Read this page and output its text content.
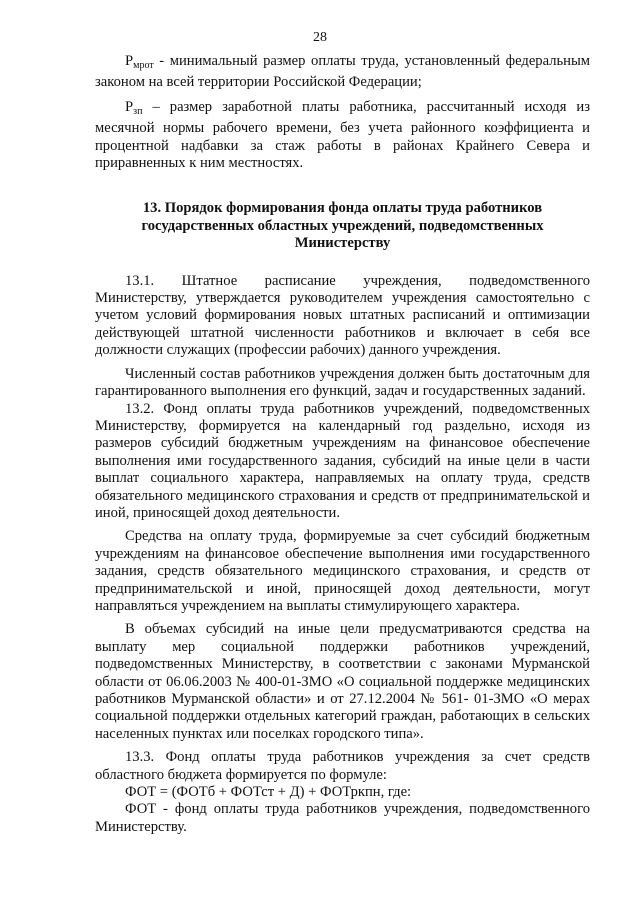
28

$Р_{мрот}$ - минимальный размер оплаты труда, установленный федеральным законом на всей территории Российской Федерации;

$Р_{зп}$ – размер заработной платы работника, рассчитанный исходя из месячной нормы рабочего времени, без учета районного коэффициента и процентной надбавки за стаж работы в районах Крайнего Севера и приравненных к ним местностях.

13. Порядок формирования фонда оплаты труда работников государственных областных учреждений, подведомственных Министерству

13.1. Штатное расписание учреждения, подведомственного Министерству, утверждается руководителем учреждения самостоятельно с учетом условий формирования новых штатных расписаний и оптимизации действующей штатной численности работников и включает в себя все должности служащих (профессии рабочих) данного учреждения.

Численный состав работников учреждения должен быть достаточным для гарантированного выполнения его функций, задач и государственных заданий.

13.2. Фонд оплаты труда работников учреждений, подведомственных Министерству, формируется на календарный год раздельно, исходя из размеров субсидий бюджетным учреждениям на финансовое обеспечение выполнения ими государственного задания, субсидий на иные цели в части выплат социального характера, направляемых на оплату труда, средств обязательного медицинского страхования и средств от предпринимательской и иной, приносящей доход деятельности.

Средства на оплату труда, формируемые за счет субсидий бюджетным учреждениям на финансовое обеспечение выполнения ими государственного задания, средств обязательного медицинского страхования, и средств от предпринимательской и иной, приносящей доход деятельности, могут направляться учреждением на выплаты стимулирующего характера.

В объемах субсидий на иные цели предусматриваются средства на выплату мер социальной поддержки работников учреждений, подведомственных Министерству, в соответствии с законами Мурманской области от 06.06.2003 № 400-01-ЗМО «О социальной поддержке медицинских работников Мурманской области» и от 27.12.2004 № 561- 01-ЗМО «О мерах социальной поддержки отдельных категорий граждан, работающих в сельских населенных пунктах или поселках городского типа».

13.3. Фонд оплаты труда работников учреждения за счет средств областного бюджета формируется по формуле:

ФОТ = (ФОТб + ФОТст + Д) + ФОТркпн, где:

ФОТ - фонд оплаты труда работников учреждения, подведомственного Министерству.
